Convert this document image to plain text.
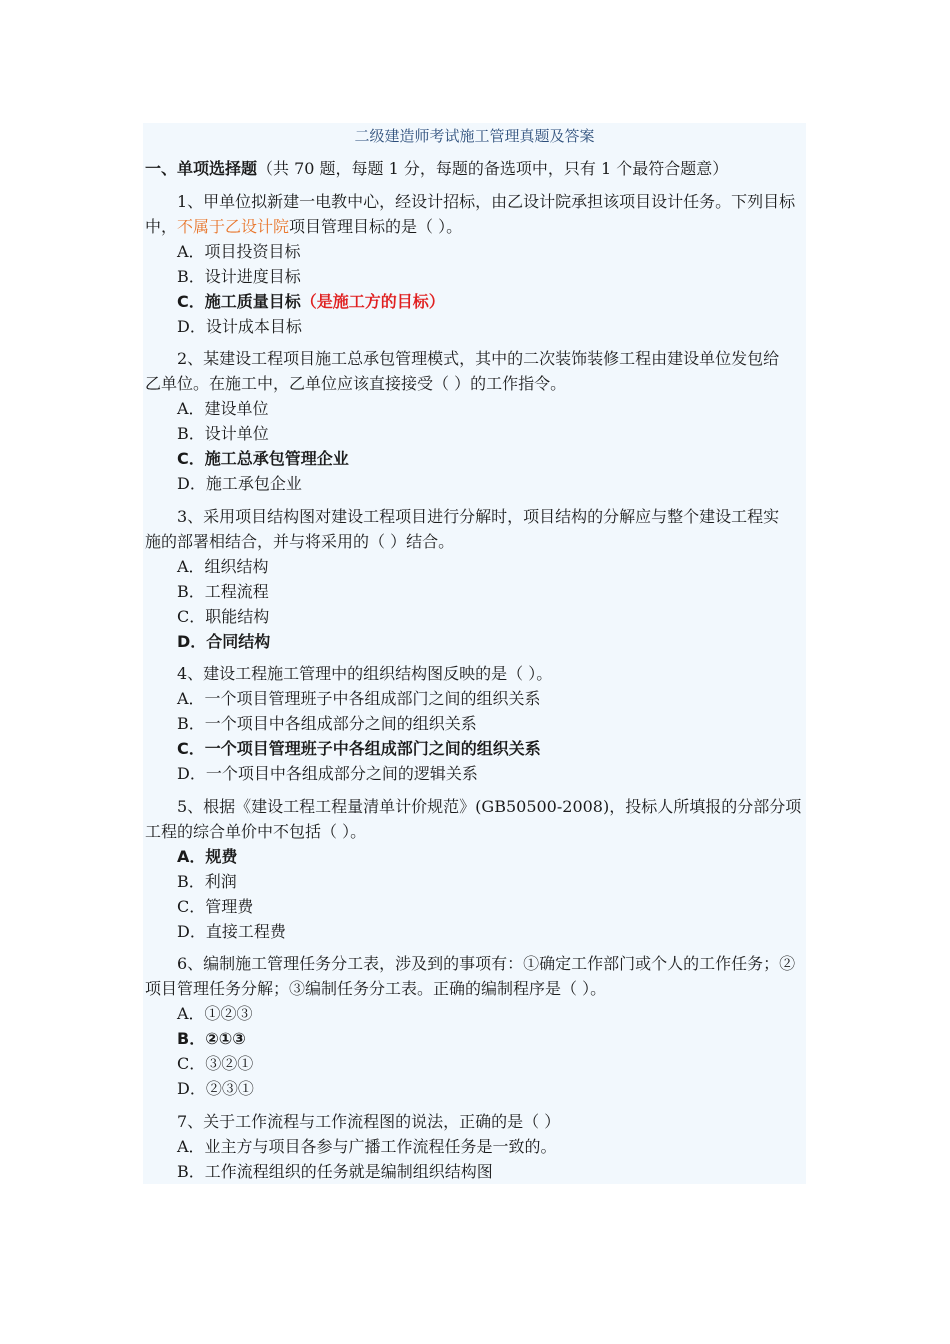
二级建造师考试施工管理真题及答案
一、单项选择题（共 70 题，每题 1 分，每题的备选项中，只有 1 个最符合题意）
1、甲单位拟新建一电教中心，经设计招标，由乙设计院承担该项目设计任务。下列目标
中，不属于乙设计院项目管理目标的是（ ）。
A．项目投资目标
B．设计进度目标
C．施工质量目标（是施工方的目标）
D．设计成本目标
2、某建设工程项目施工总承包管理模式，其中的二次装饰装修工程由建设单位发包给
乙单位。在施工中，乙单位应该直接接受（ ）的工作指令。
A．建设单位
B．设计单位
C．施工总承包管理企业
D．施工承包企业
3、采用项目结构图对建设工程项目进行分解时，项目结构的分解应与整个建设工程实
施的部署相结合，并与将采用的（ ）结合。
A．组织结构
B．工程流程
C．职能结构
D．合同结构
4、建设工程施工管理中的组织结构图反映的是（ ）。
A．一个项目管理班子中各组成部门之间的组织关系
B．一个项目中各组成部分之间的组织关系
C．一个项目管理班子中各组成部门之间的组织关系
D．一个项目中各组成部分之间的逻辑关系
5、根据《建设工程工程量清单计价规范》(GB50500-2008)，投标人所填报的分部分项
工程的综合单价中不包括（ ）。
A．规费
B．利润
C．管理费
D．直接工程费
6、编制施工管理任务分工表，涉及到的事项有：①确定工作部门或个人的工作任务；②
项目管理任务分解；③编制任务分工表。正确的编制程序是（ ）。
A．①②③
B．②①③
C．③②①
D．②③①
7、关于工作流程与工作流程图的说法，正确的是（ ）
A．业主方与项目各参与广播工作流程任务是一致的。
B．工作流程组织的任务就是编制组织结构图
